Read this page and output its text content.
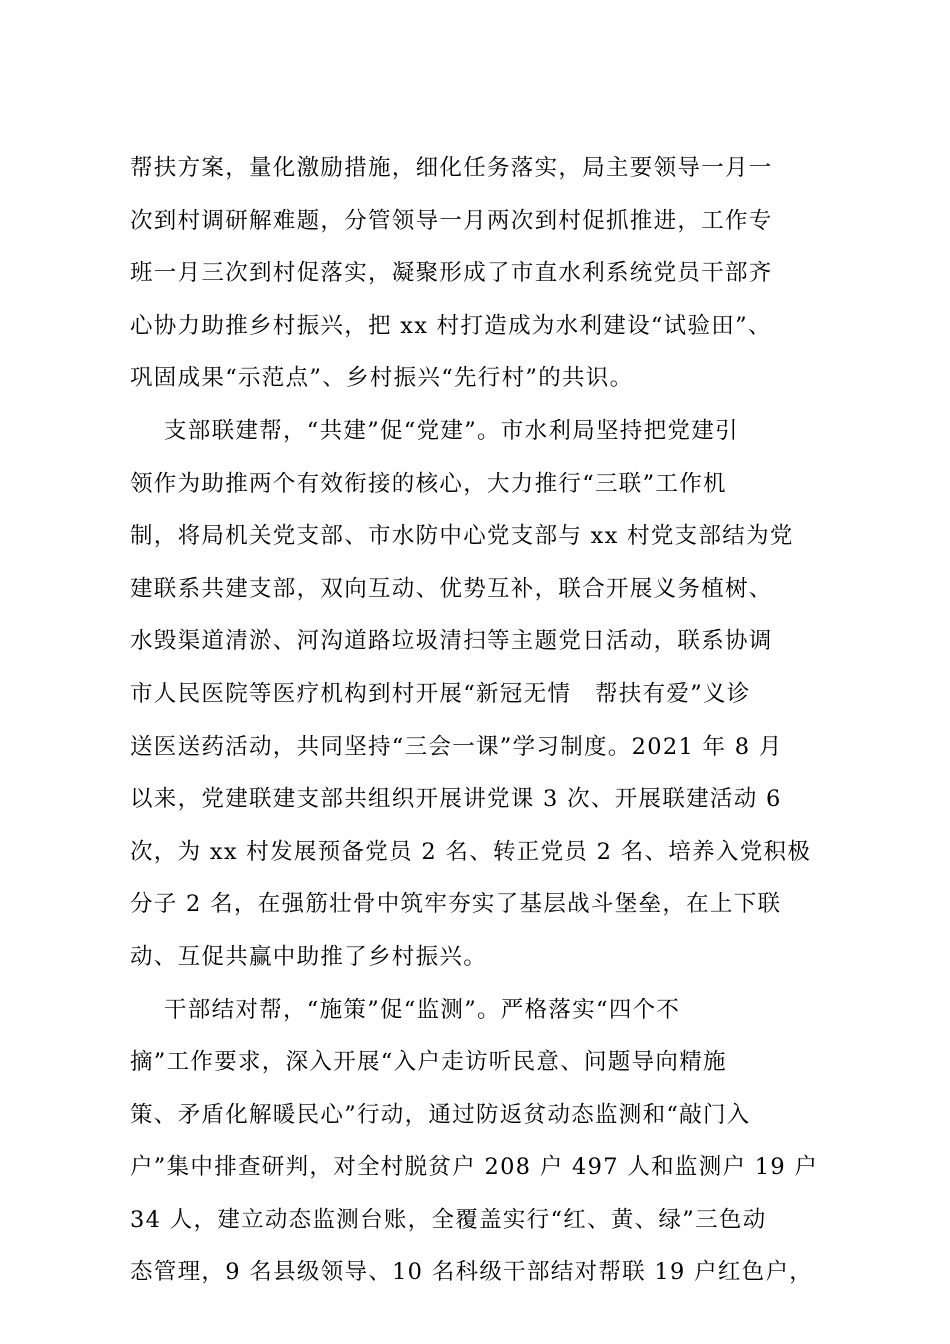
帮扶方案，量化激励措施，细化任务落实，局主要领导一月一
次到村调研解难题，分管领导一月两次到村促抓推进，工作专
班一月三次到村促落实，凝聚形成了市直水利系统党员干部齐
心协力助推乡村振兴，把 xx 村打造成为水利建设“试验田”、
巩固成果“示范点”、乡村振兴“先行村”的共识。
支部联建帮，“共建”促“党建”。市水利局坚持把党建引
领作为助推两个有效衔接的核心，大力推行“三联”工作机
制，将局机关党支部、市水防中心党支部与 xx 村党支部结为党
建联系共建支部，双向互动、优势互补，联合开展义务植树、
水毁渠道清淤、河沟道路垃圾清扫等主题党日活动，联系协调
市人民医院等医疗机构到村开展“新冠无情　帮扶有爱”义诊
送医送药活动，共同坚持“三会一课”学习制度。2021 年 8 月
以来，党建联建支部共组织开展讲党课 3 次、开展联建活动 6
次，为 xx 村发展预备党员 2 名、转正党员 2 名、培养入党积极
分子 2 名，在强筋壮骨中筑牢夯实了基层战斗堡垒，在上下联
动、互促共赢中助推了乡村振兴。
干部结对帮，“施策”促“监测”。严格落实“四个不
摘”工作要求，深入开展“入户走访听民意、问题导向精施
策、矛盾化解暖民心”行动，通过防返贫动态监测和“敲门入
户”集中排查研判，对全村脱贫户 208 户 497 人和监测户 19 户
34 人，建立动态监测台账，全覆盖实行“红、黄、绿”三色动
态管理，9 名县级领导、10 名科级干部结对帮联 19 户红色户，
